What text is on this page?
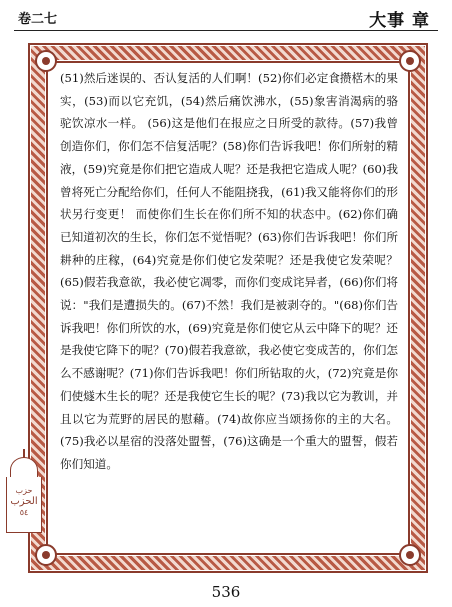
卷二七	大事 章

(51)然后迷误的、否认复活的人们啊！(52)你们必定食攒楛木的果实，(53)而以它充饥，(54)然后痛饮沸水，(55)象害消渴病的骆驼饮凉水一样。 (56)这是他们在报应之日所受的款待。(57)我曾创造你们，你们怎不信复活呢？(58)你们告诉我吧！你们所射的精液，(59)究竟是你们把它造成人呢？还是我把它造成人呢？(60)我曾将死亡分配给你们，任何人不能阻挠我，(61)我又能将你们的形状另行变更！ 而使你们生长在你们所不知的状态中。(62)你们确已知道初次的生长，你们怎不觉悟呢？(63)你们告诉我吧！你们所耕种的庄稼，(64)究竟是你们使它发荣呢？还是我使它发荣呢？(65)假若我意欲，我必使它凋零，而你们变成诧异者，(66)你们将说："我们是遭损失的。(67)不然！我们是被剥夺的。"(68)你们告诉我吧！你们所饮的水，(69)究竟是你们使它从云中降下的呢？还是我使它降下的呢？(70)假若我意欲，我必使它变成苦的，你们怎么不感谢呢？(71)你们告诉我吧！你们所钻取的火，(72)究竟是你们使燧木生长的呢？还是我使它生长的呢？(73)我以它为教训，并且以它为荒野的居民的慰藉。(74)故你应当颂扬你的主的大名。(75)我必以星宿的没落处盟誓，(76)这确是一个重大的盟誓，假若你们知道。

حزب
الحزب
٥٤
536
